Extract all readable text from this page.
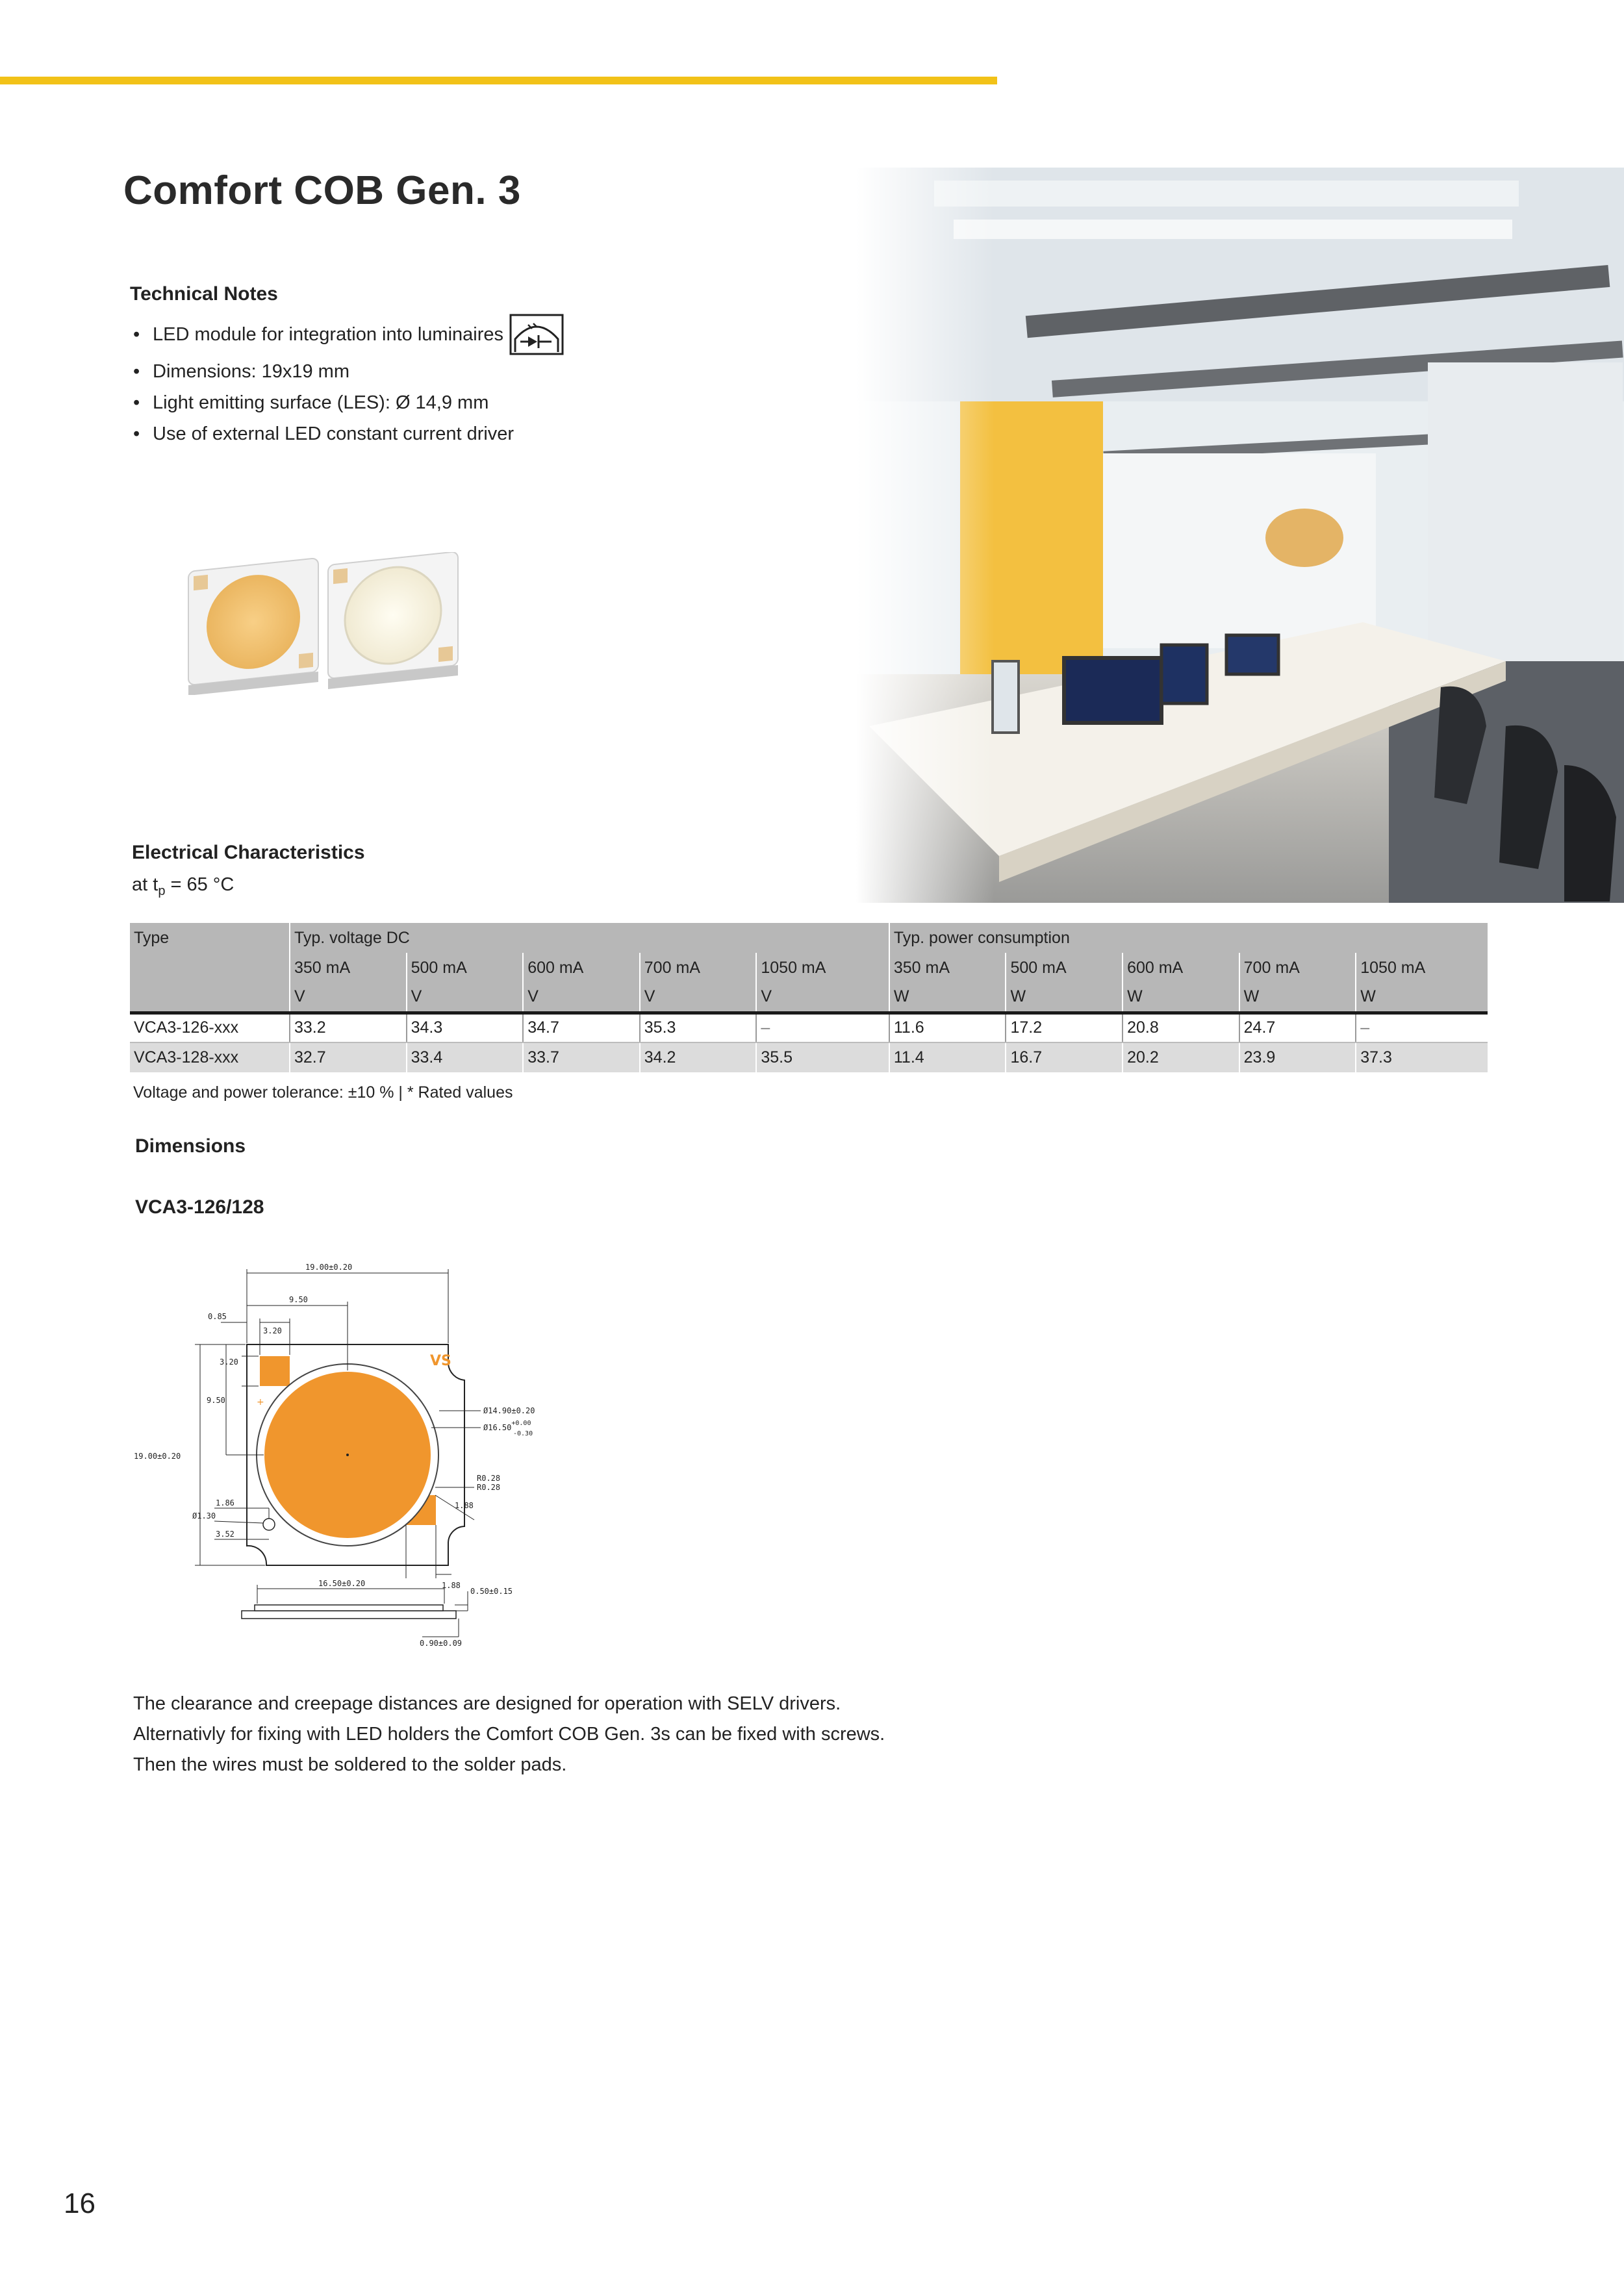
Comfort COB Gen. 3
Technical Notes
• LED module for integration into luminaires
• Dimensions: 19x19 mm
• Light emitting surface (LES): Ø 14,9 mm
• Use of external LED constant current driver
Electrical Characteristics
at $t_p = 65$ °C
Type	Typ. voltage DC					Typ. power consumption				
	350 mA	500 mA	600 mA	700 mA	1050 mA	350 mA	500 mA	600 mA	700 mA	1050 mA
	V	V	V	V	V	W	W	W	W	W
VCA3-126-xxx	33.2	34.3	34.7	35.3	–	11.6	17.2	20.8	24.7	–
VCA3-128-xxx	32.7	33.4	33.7	34.2	35.5	11.4	16.7	20.2	23.9	37.3
Voltage and power tolerance: ±10 % | * Rated values
Dimensions
VCA3-126/128
VS
+
19.00±0.20
9.50
0.85
3.20
3.20
9.50
19.00±0.20
Ø14.90±0.20
$Ø16.50^{+0.00}$
-0.30
R0.28
R0.28
1.88
1.88
1.86
Ø1.30
3.52
16.50±0.20
0.50±0.15
0.90±0.09
The clearance and creepage distances are designed for operation with SELV drivers.
Alternativly for fixing with LED holders the Comfort COB Gen. 3s can be fixed with screws.
Then the wires must be soldered to the solder pads.
16
